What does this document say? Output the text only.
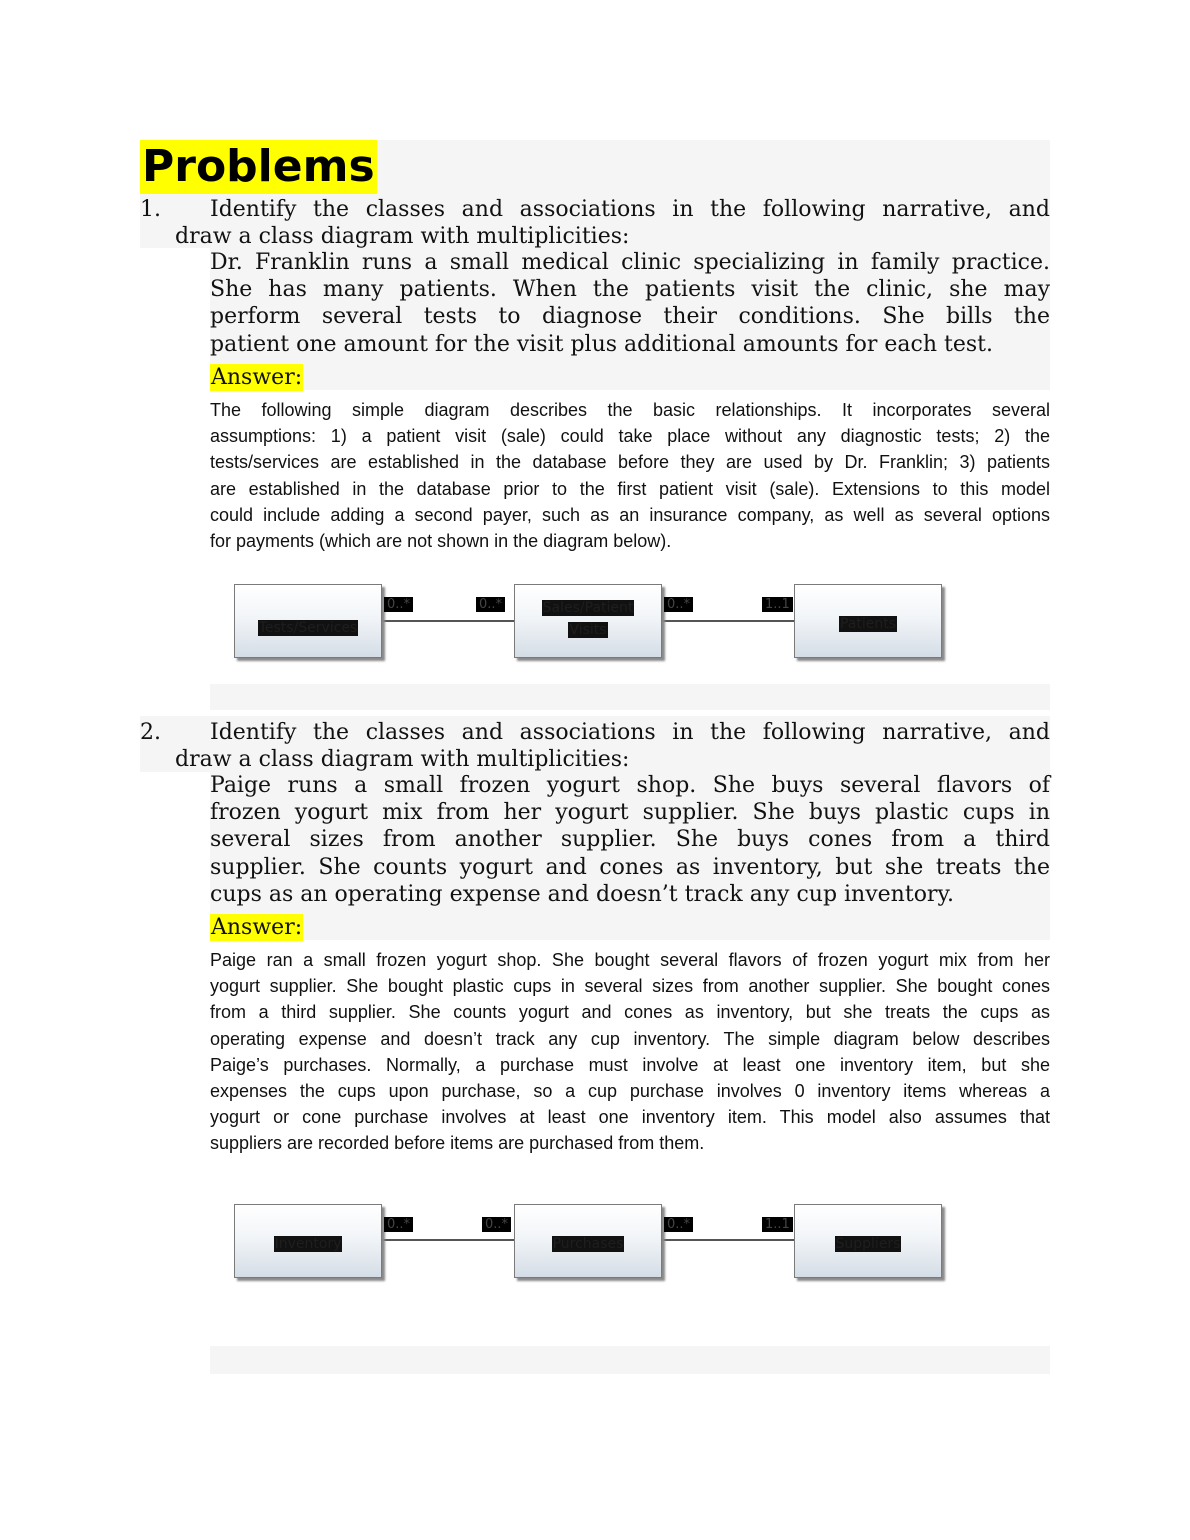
Problems
1. Identify the classes and associations in the following narrative, and
draw a class diagram with multiplicities:
Dr. Franklin runs a small medical clinic specializing in family practice.
She has many patients. When the patients visit the clinic, she may
perform several tests to diagnose their conditions. She bills the
patient one amount for the visit plus additional amounts for each test.
Answer:
The following simple diagram describes the basic relationships. It incorporates several
assumptions: 1) a patient visit (sale) could take place without any diagnostic tests; 2) the
tests/services are established in the database before they are used by Dr. Franklin; 3) patients
are established in the database prior to the first patient visit (sale). Extensions to this model
could include adding a second payer, such as an insurance company, as well as several options
for payments (which are not shown in the diagram below).
Tests/Services
Sales/Patient
Visits	Patients
0..*	0..*	0..*	1..1
2. Identify the classes and associations in the following narrative, and
draw a class diagram with multiplicities:
Paige runs a small frozen yogurt shop. She buys several flavors of
frozen yogurt mix from her yogurt supplier. She buys plastic cups in
several sizes from another supplier. She buys cones from a third
supplier. She counts yogurt and cones as inventory, but she treats the
cups as an operating expense and doesn’t track any cup inventory.
Answer:
Paige ran a small frozen yogurt shop. She bought several flavors of frozen yogurt mix from her
yogurt supplier. She bought plastic cups in several sizes from another supplier. She bought cones
from a third supplier. She counts yogurt and cones as inventory, but she treats the cups as
operating expense and doesn’t track any cup inventory. The simple diagram below describes
Paige’s purchases. Normally, a purchase must involve at least one inventory item, but she
expenses the cups upon purchase, so a cup purchase involves 0 inventory items whereas a
yogurt or cone purchase involves at least one inventory item. This model also assumes that
suppliers are recorded before items are purchased from them.
Inventory	Purchases	Suppliers
0..*	0..*	0..*	1..1
